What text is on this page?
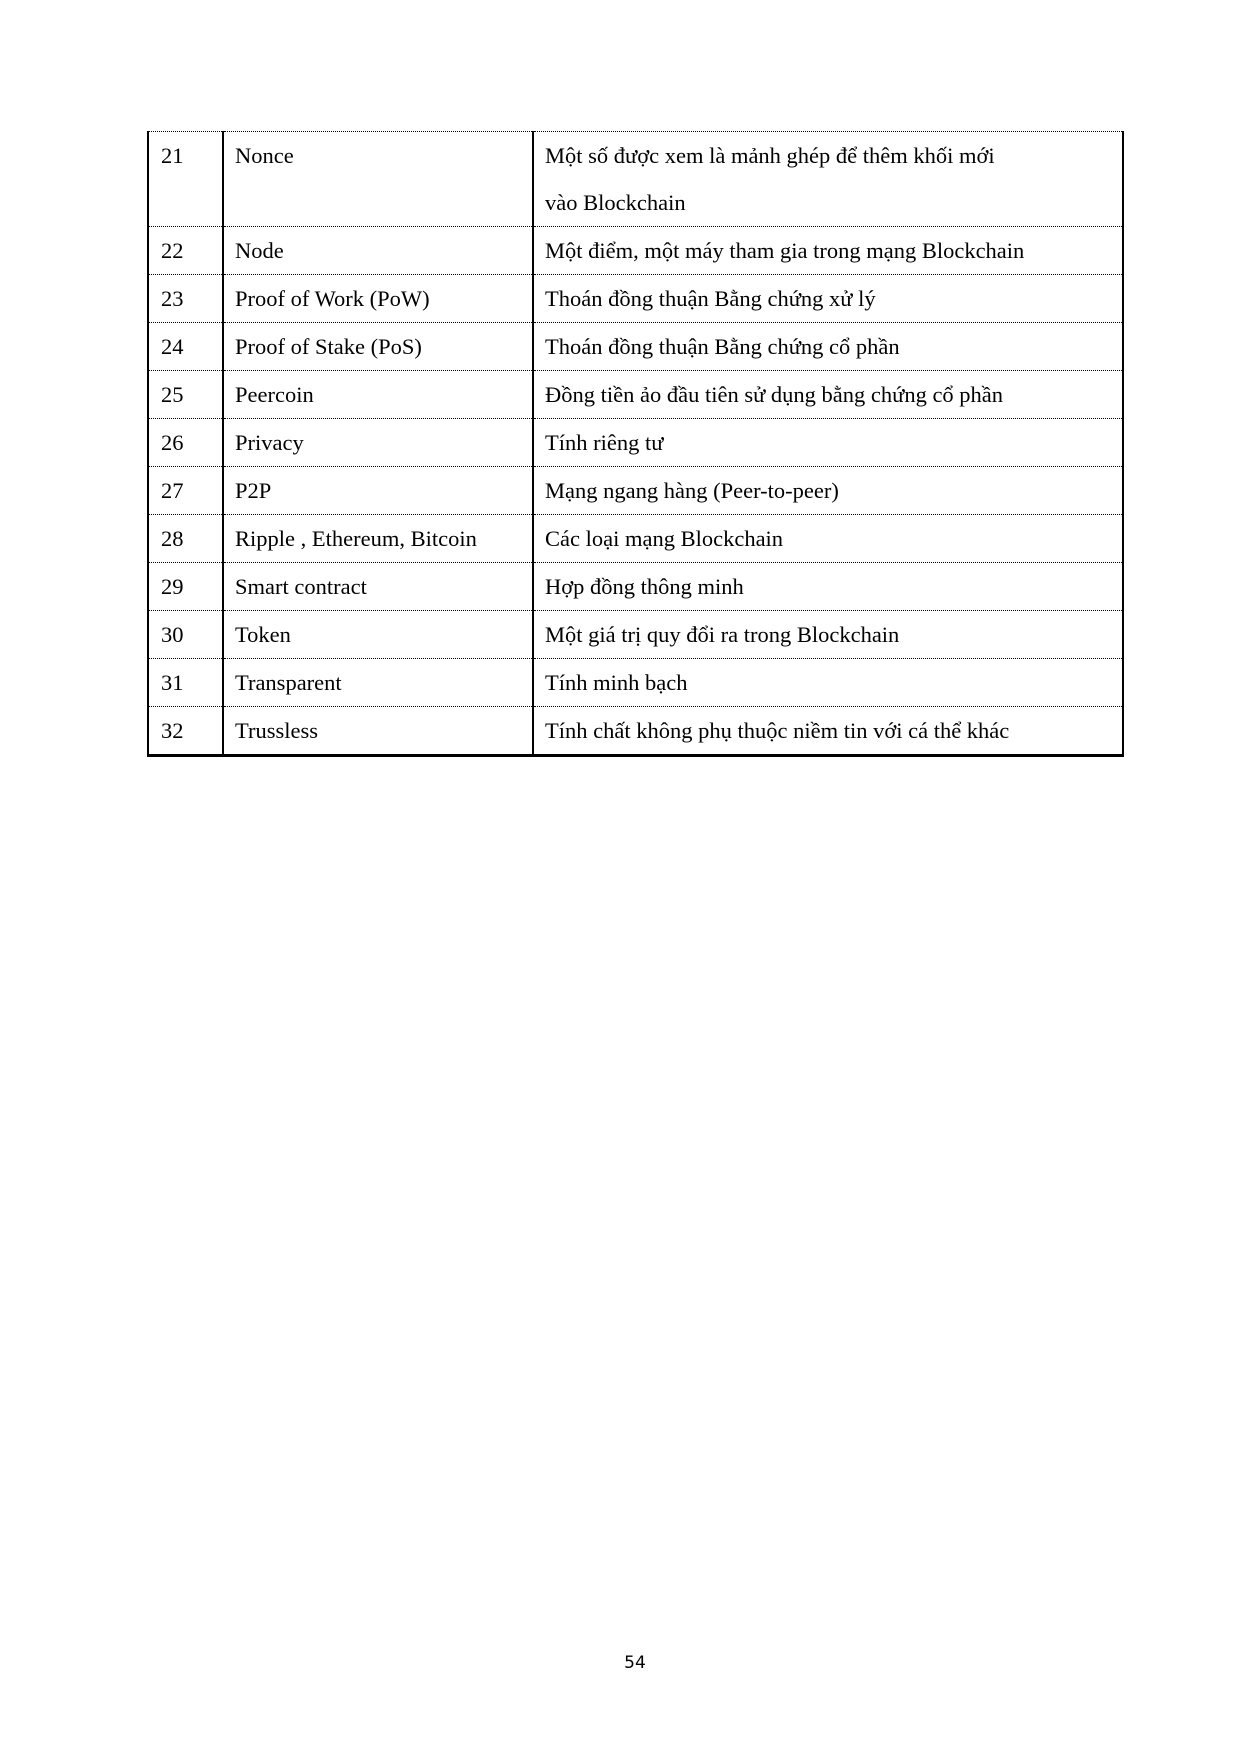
21	Nonce	Một số được xem là mảnh ghép để thêm khối mới
vào Blockchain

22	Node	Một điểm, một máy tham gia trong mạng Blockchain
23	Proof of Work (PoW)	Thoán đồng thuận Bằng chứng xử lý
24	Proof of Stake (PoS)	Thoán đồng thuận Bằng chứng cổ phần
25	Peercoin	Đồng tiền ảo đầu tiên sử dụng bằng chứng cổ phần
26	Privacy	Tính riêng tư
27	P2P	Mạng ngang hàng (Peer-to-peer)
28	Ripple , Ethereum, Bitcoin	Các loại mạng Blockchain
29	Smart contract	Hợp đồng thông minh
30	Token	Một giá trị quy đổi ra trong Blockchain
31	Transparent	Tính minh bạch
32	Trussless	Tính chất không phụ thuộc niềm tin với cá thể khác
54
